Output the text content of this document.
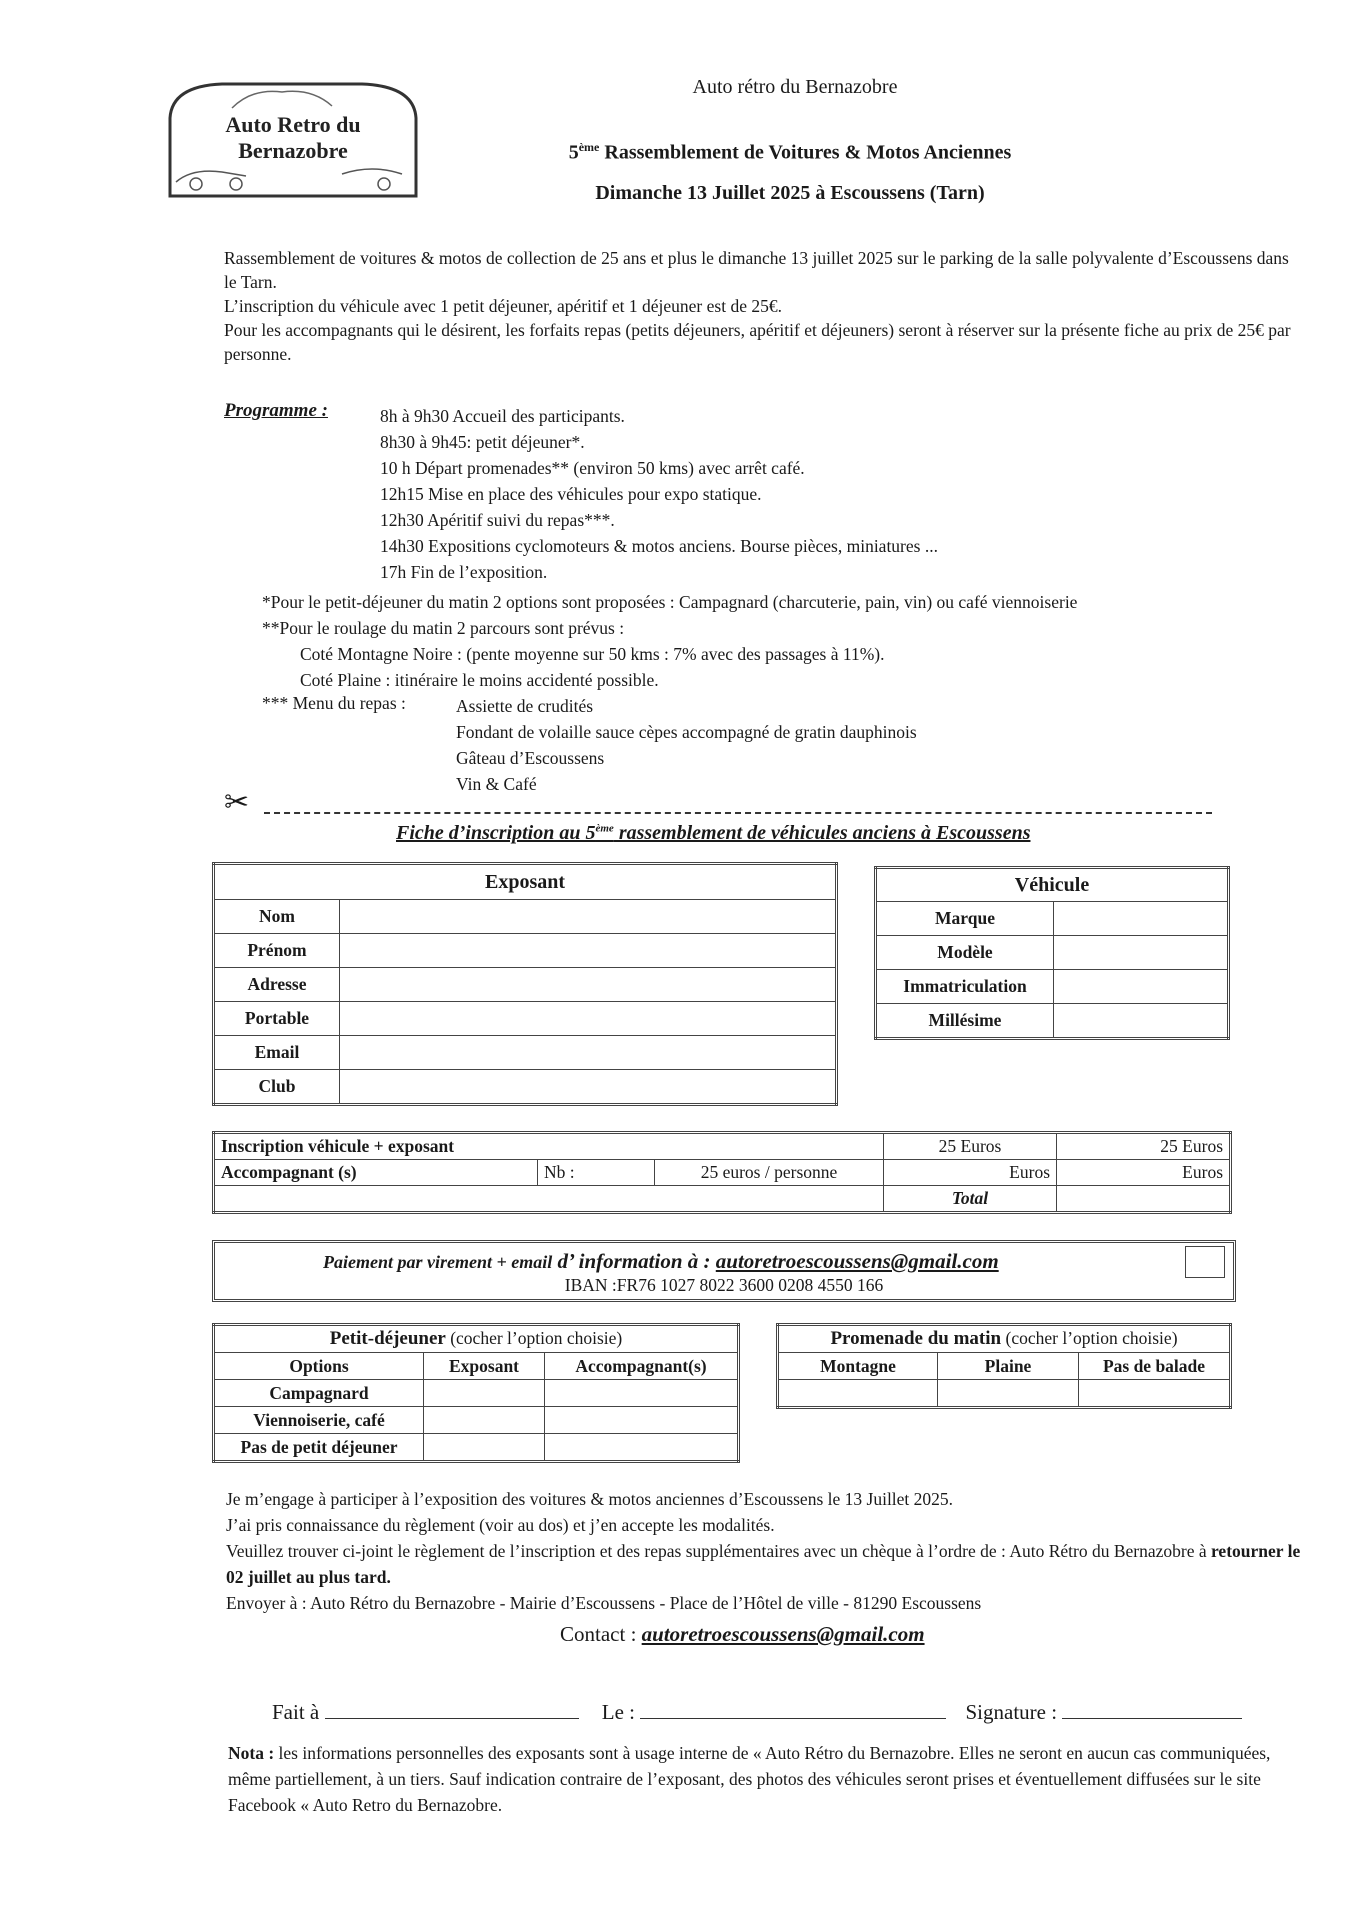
Auto Retro du
Bernazobre
Auto rétro du Bernazobre
5ème Rassemblement de Voitures & Motos Anciennes
Dimanche 13 Juillet 2025 à Escoussens (Tarn)

Rassemblement de voitures & motos de collection de 25 ans et plus le dimanche 13 juillet 2025 sur le parking de la salle polyvalente d’Escoussens dans le Tarn.

L’inscription du véhicule avec 1 petit déjeuner, apéritif et 1 déjeuner est de 25€.

Pour les accompagnants qui le désirent, les forfaits repas (petits déjeuners, apéritif et déjeuners) seront à réserver sur la présente fiche au prix de 25€ par personne.

Programme :	8h à 9h30 Accueil des participants.
8h30 à 9h45: petit déjeuner*.
10 h Départ promenades** (environ 50 kms) avec arrêt café.
12h15 Mise en place des véhicules pour expo statique.
12h30 Apéritif suivi du repas***.
14h30 Expositions cyclomoteurs & motos anciens. Bourse pièces, miniatures ...
17h Fin de l’exposition.
*Pour le petit-déjeuner du matin 2 options sont proposées : Campagnard (charcuterie, pain, vin) ou café viennoiserie
**Pour le roulage du matin 2 parcours sont prévus :
Coté Montagne Noire : (pente moyenne sur 50 kms : 7% avec des passages à 11%).
Coté Plaine : itinéraire le moins accidenté possible.
*** Menu du repas :	Assiette de crudités
Fondant de volaille sauce cèpes accompagné de gratin dauphinois
Gâteau d’Escoussens
Vin & Café
✂
Fiche d’inscription au 5ème rassemblement de véhicules anciens à Escoussens
Exposant	
Nom	
Prénom	
Adresse	
Portable	
Email	
Club	
Véhicule	
Marque	
Modèle	
Immatriculation	
Millésime	
Inscription véhicule + exposant			25 Euros	25 Euros
Accompagnant (s)	Nb :	25 euros / personne	Euros	Euros
			Total	
Paiement par virement + email d’ information à : autoretroescoussens@gmail.com
IBAN :FR76 1027 8022 3600 0208 4550 166
Petit-déjeuner (cocher l’option choisie)		
Options	Exposant	Accompagnant(s)
Campagnard		
Viennoiserie, café		
Pas de petit déjeuner		
Promenade du matin (cocher l’option choisie)		
Montagne	Plaine	Pas de balade

Je m’engage à participer à l’exposition des voitures & motos anciennes d’Escoussens le 13 Juillet 2025.

J’ai pris connaissance du règlement (voir au dos) et j’en accepte les modalités.

Veuillez trouver ci-joint le règlement de l’inscription et des repas supplémentaires avec un chèque à l’ordre de : Auto Rétro du Bernazobre à retourner le 02 juillet au plus tard.

Envoyer à : Auto Rétro du Bernazobre - Mairie d’Escoussens - Place de l’Hôtel de ville - 81290 Escoussens

Contact : autoretroescoussens@gmail.com
Fait à	Le :	Signature :

Nota : les informations personnelles des exposants sont à usage interne de « Auto Rétro du Bernazobre. Elles ne seront en aucun cas communiquées, même partiellement, à un tiers. Sauf indication contraire de l’exposant, des photos des véhicules seront prises et éventuellement diffusées sur le site Facebook « Auto Retro du Bernazobre.
